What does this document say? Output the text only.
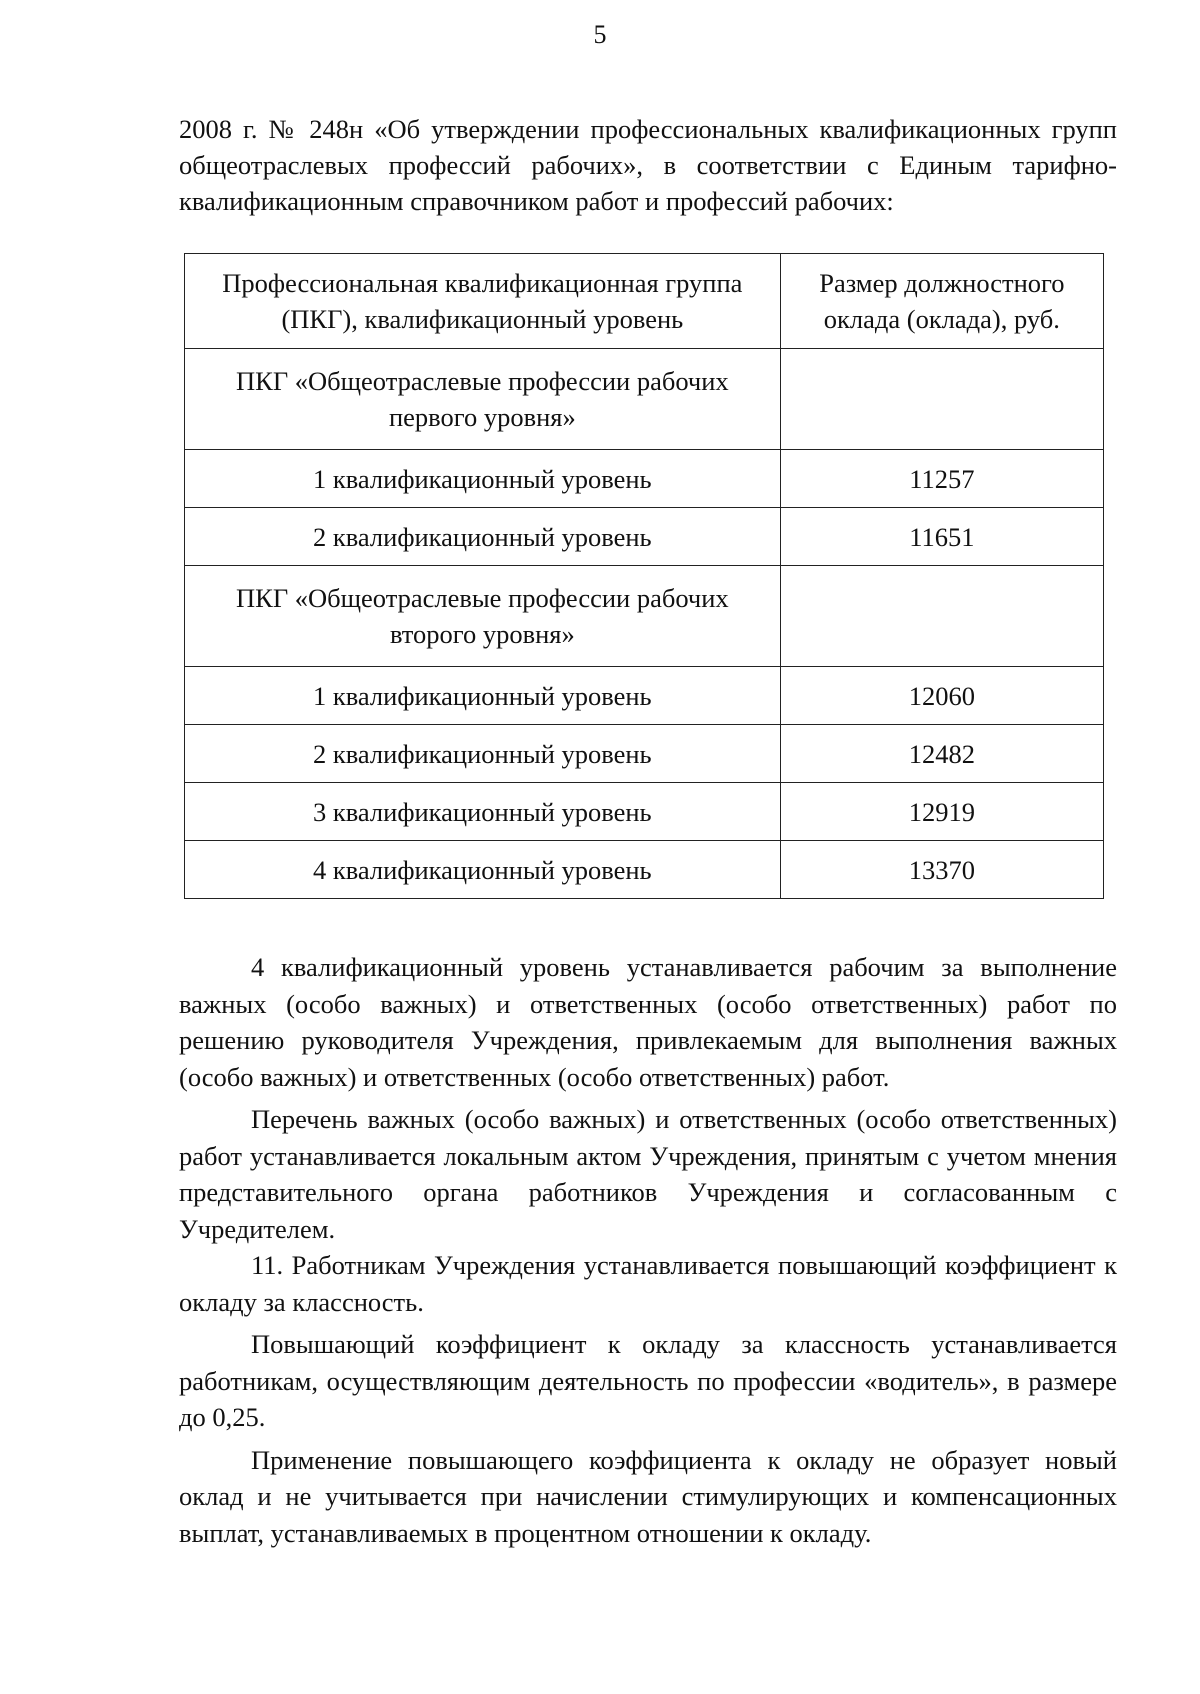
5

2008 г. № 248н «Об утверждении профессиональных квалификационных групп общеотраслевых профессий рабочих», в соответствии с Единым тарифно-квалификационным справочником работ и профессий рабочих:

Профессиональная квалификационная группа (ПКГ), квалификационный уровень	Размер должностного оклада (оклада), руб.
ПКГ «Общеотраслевые профессии рабочих первого уровня»	
1 квалификационный уровень	11257
2 квалификационный уровень	11651
ПКГ «Общеотраслевые профессии рабочих второго уровня»	
1 квалификационный уровень	12060
2 квалификационный уровень	12482
3 квалификационный уровень	12919
4 квалификационный уровень	13370

4 квалификационный уровень устанавливается рабочим за выполнение важных (особо важных) и ответственных (особо ответственных) работ по решению руководителя Учреждения, привлекаемым для выполнения важных (особо важных) и ответственных (особо ответственных) работ.

Перечень важных (особо важных) и ответственных (особо ответственных) работ устанавливается локальным актом Учреждения, принятым с учетом мнения представительного органа работников Учреждения и согласованным с Учредителем.

11. Работникам Учреждения устанавливается повышающий коэффициент к окладу за классность.

Повышающий коэффициент к окладу за классность устанавливается работникам, осуществляющим деятельность по профессии «водитель», в размере до 0,25.

Применение повышающего коэффициента к окладу не образует новый оклад и не учитывается при начислении стимулирующих и компенсационных выплат, устанавливаемых в процентном отношении к окладу.
